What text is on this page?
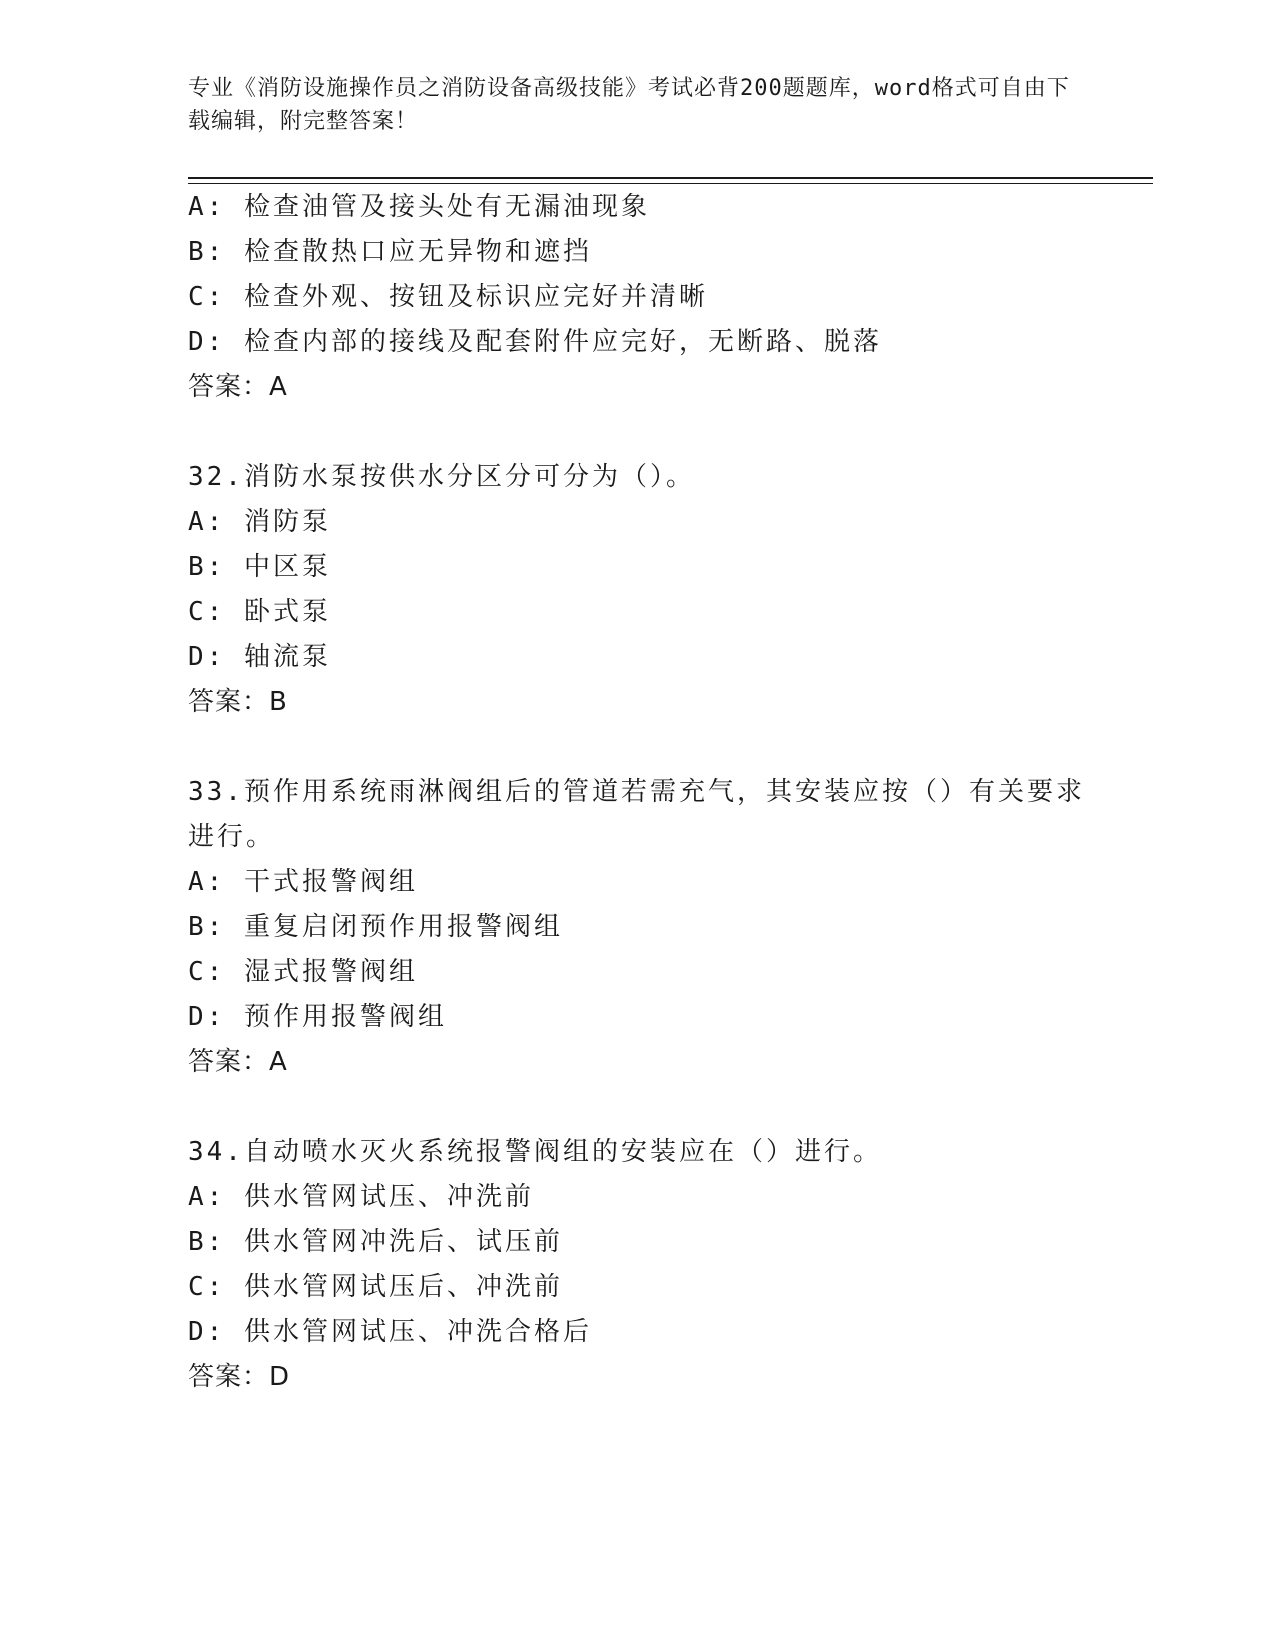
专业《消防设施操作员之消防设备高级技能》考试必背200题题库，word格式可自由下载编辑，附完整答案！
A: 检查油管及接头处有无漏油现象
B: 检查散热口应无异物和遮挡
C: 检查外观、按钮及标识应完好并清晰
D: 检查内部的接线及配套附件应完好，无断路、脱落
答案：A
32.消防水泵按供水分区分可分为（）。
A: 消防泵
B: 中区泵
C: 卧式泵
D: 轴流泵
答案：B
33.预作用系统雨淋阀组后的管道若需充气，其安装应按（）有关要求
进行。
A: 干式报警阀组
B: 重复启闭预作用报警阀组
C: 湿式报警阀组
D: 预作用报警阀组
答案：A
34.自动喷水灭火系统报警阀组的安装应在（）进行。
A: 供水管网试压、冲洗前
B: 供水管网冲洗后、试压前
C: 供水管网试压后、冲洗前
D: 供水管网试压、冲洗合格后
答案：D
